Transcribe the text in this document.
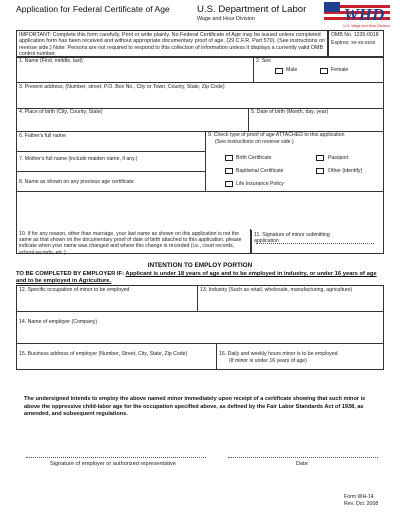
Application for Federal Certificate of Age	U.S. Department of Labor
Wage and Hour Division	WHD
U.S. Wage and Hour Division
IMPORTANT: Complete this form carefully. Print or write plainly. No Federal Certificate of Age may be issued unless completed application form has been received and without appropriate documentary proof of age. (29 C.F.R. Part 570). (See instructions on reverse side.) Note: Persons are not required to respond to this collection of information unless it displays a currently valid OMB control number.
OMB No. 1235-0018
Expires: xx-xx-xxxx
1. Name (First, middle, last)	2. Sex
Male	Female
3. Present address, (Number, street, P.O. Box No., City or Town, County, State, Zip Code)
4. Place of birth (City, County, State)	5. Date of birth (Month, day, year)
6. Father's full name
7. Mother's full name (include maiden name, if any.)
8. Name as shown on any previous age certificate
9. Check type of proof of age ATTACHED to this application
(See instructions on reverse side.)
Birth Certificate	Passport
Baptismal Certificate	Other (identify)
Life Insurance Policy
10. If for any reason, other than marriage, your last name as shown on this application is not the same as that shown on the documentary proof of date of birth attached to this application, please indicate when your name was changed and where this change is recorded (i.e., court records, school records, etc.)
11. Signature of minor submitting application
INTENTION TO EMPLOY PORTION
TO BE COMPLETED BY EMPLOYER IF: Applicant is under 18 years of age and to be employed in industry, or under 16 years of age and to be employed in Agriculture.
12. Specific occupation of minor to be employed	13. Industry (Such as retail, wholesale, manufacturing, agriculture)
14. Name of employer (Company)
15. Business address of employer (Number, Street, City, State, Zip Code)	16. Daily and weekly hours minor is to be employed
(If minor is under 16 years of age)
The undersigned intends to employ the above named minor immediately upon receipt of a certificate showing that such minor is above the oppressive child-labor age for the occupation specified above, as defined by the Fair Labor Standards Act of 1938, as amended, and subsequent regulations.
Signature of employer or authorized representative	Date
Form WH-14
Rev. Oct. 2008
